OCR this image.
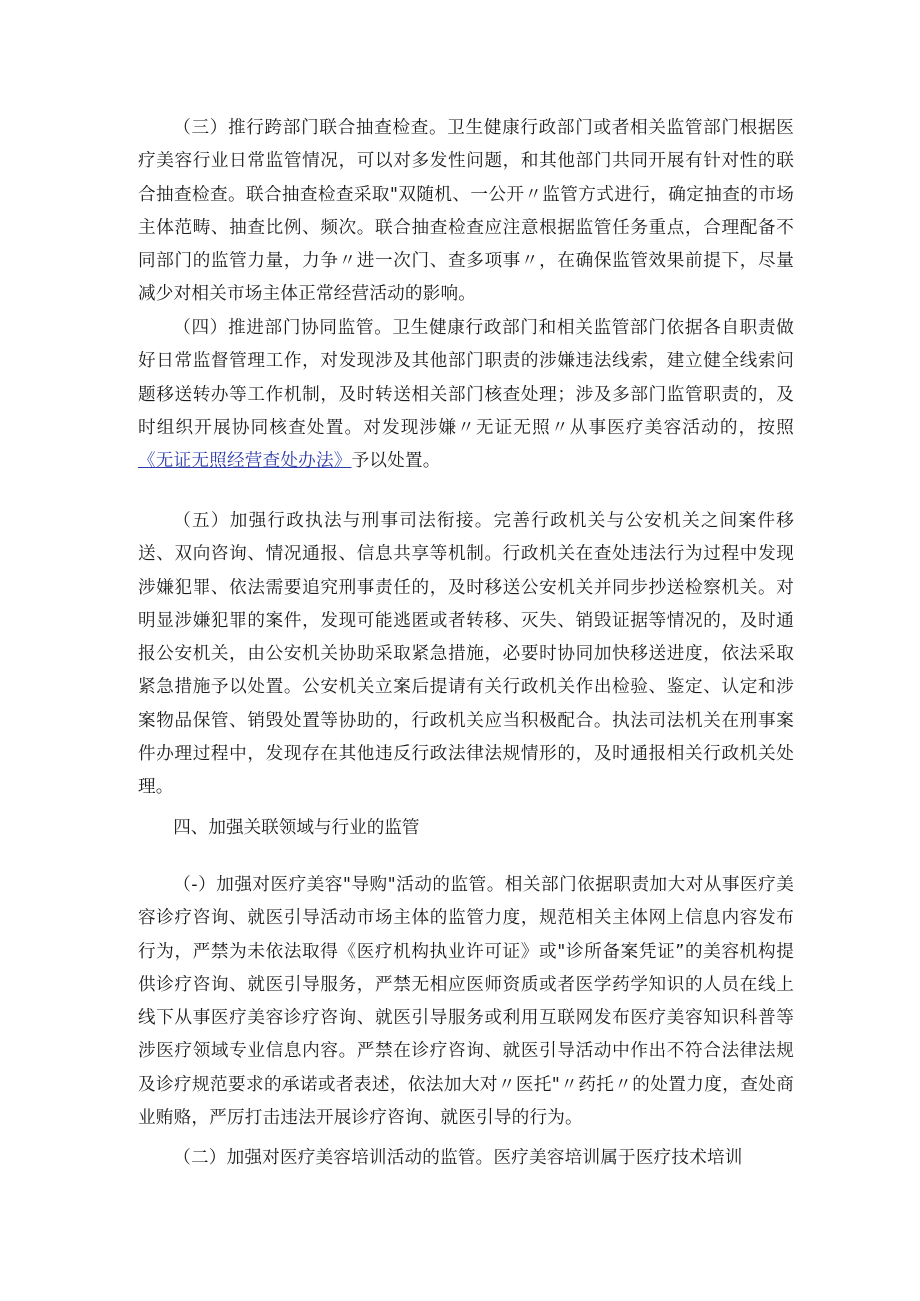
（三）推行跨部门联合抽查检查。卫生健康行政部门或者相关监管部门根据医疗美容行业日常监管情况，可以对多发性问题，和其他部门共同开展有针对性的联合抽查检查。联合抽查检查采取"双随机、一公开〃监管方式进行，确定抽查的市场主体范畴、抽查比例、频次。联合抽查检查应注意根据监管任务重点，合理配备不同部门的监管力量，力争〃进一次门、查多项事〃，在确保监管效果前提下，尽量减少对相关市场主体正常经营活动的影响。

（四）推进部门协同监管。卫生健康行政部门和相关监管部门依据各自职责做好日常监督管理工作，对发现涉及其他部门职责的涉嫌违法线索，建立健全线索问题移送转办等工作机制，及时转送相关部门核查处理；涉及多部门监管职责的，及时组织开展协同核查处置。对发现涉嫌〃无证无照〃从事医疗美容活动的，按照《无证无照经营查处办法》予以处置。

（五）加强行政执法与刑事司法衔接。完善行政机关与公安机关之间案件移送、双向咨询、情况通报、信息共享等机制。行政机关在查处违法行为过程中发现涉嫌犯罪、依法需要追究刑事责任的，及时移送公安机关并同步抄送检察机关。对明显涉嫌犯罪的案件，发现可能逃匿或者转移、灭失、销毁证据等情况的，及时通报公安机关，由公安机关协助采取紧急措施，必要时协同加快移送进度，依法采取紧急措施予以处置。公安机关立案后提请有关行政机关作出检验、鉴定、认定和涉案物品保管、销毁处置等协助的，行政机关应当积极配合。执法司法机关在刑事案件办理过程中，发现存在其他违反行政法律法规情形的，及时通报相关行政机关处理。

四、加强关联领域与行业的监管

（-）加强对医疗美容"导购"活动的监管。相关部门依据职责加大对从事医疗美容诊疗咨询、就医引导活动市场主体的监管力度，规范相关主体网上信息内容发布行为，严禁为未依法取得《医疗机构执业许可证》或"诊所备案凭证”的美容机构提供诊疗咨询、就医引导服务，严禁无相应医师资质或者医学药学知识的人员在线上线下从事医疗美容诊疗咨询、就医引导服务或利用互联网发布医疗美容知识科普等涉医疗领域专业信息内容。严禁在诊疗咨询、就医引导活动中作出不符合法律法规及诊疗规范要求的承诺或者表述，依法加大对〃医托"〃药托〃的处置力度，查处商业贿赂，严厉打击违法开展诊疗咨询、就医引导的行为。

（二）加强对医疗美容培训活动的监管。医疗美容培训属于医疗技术培训
